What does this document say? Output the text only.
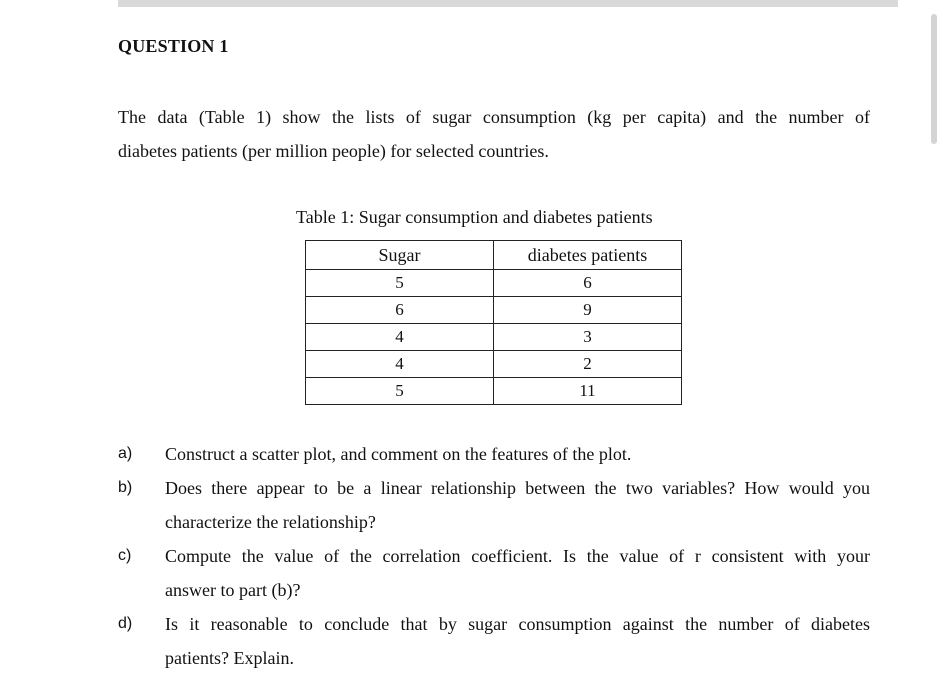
QUESTION 1
The data (Table 1) show the lists of sugar consumption (kg per capita) and the number of
diabetes patients (per million people) for selected countries.
Table 1: Sugar consumption and diabetes patients
Sugar	diabetes patients
5	6
6	9
4	3
4	2
5	11
a) Construct a scatter plot, and comment on the features of the plot.
b) Does there appear to be a linear relationship between the two variables? How would you
characterize the relationship?
c) Compute the value of the correlation coefficient. Is the value of r consistent with your
answer to part (b)?
d) Is it reasonable to conclude that by sugar consumption against the number of diabetes
patients? Explain.
